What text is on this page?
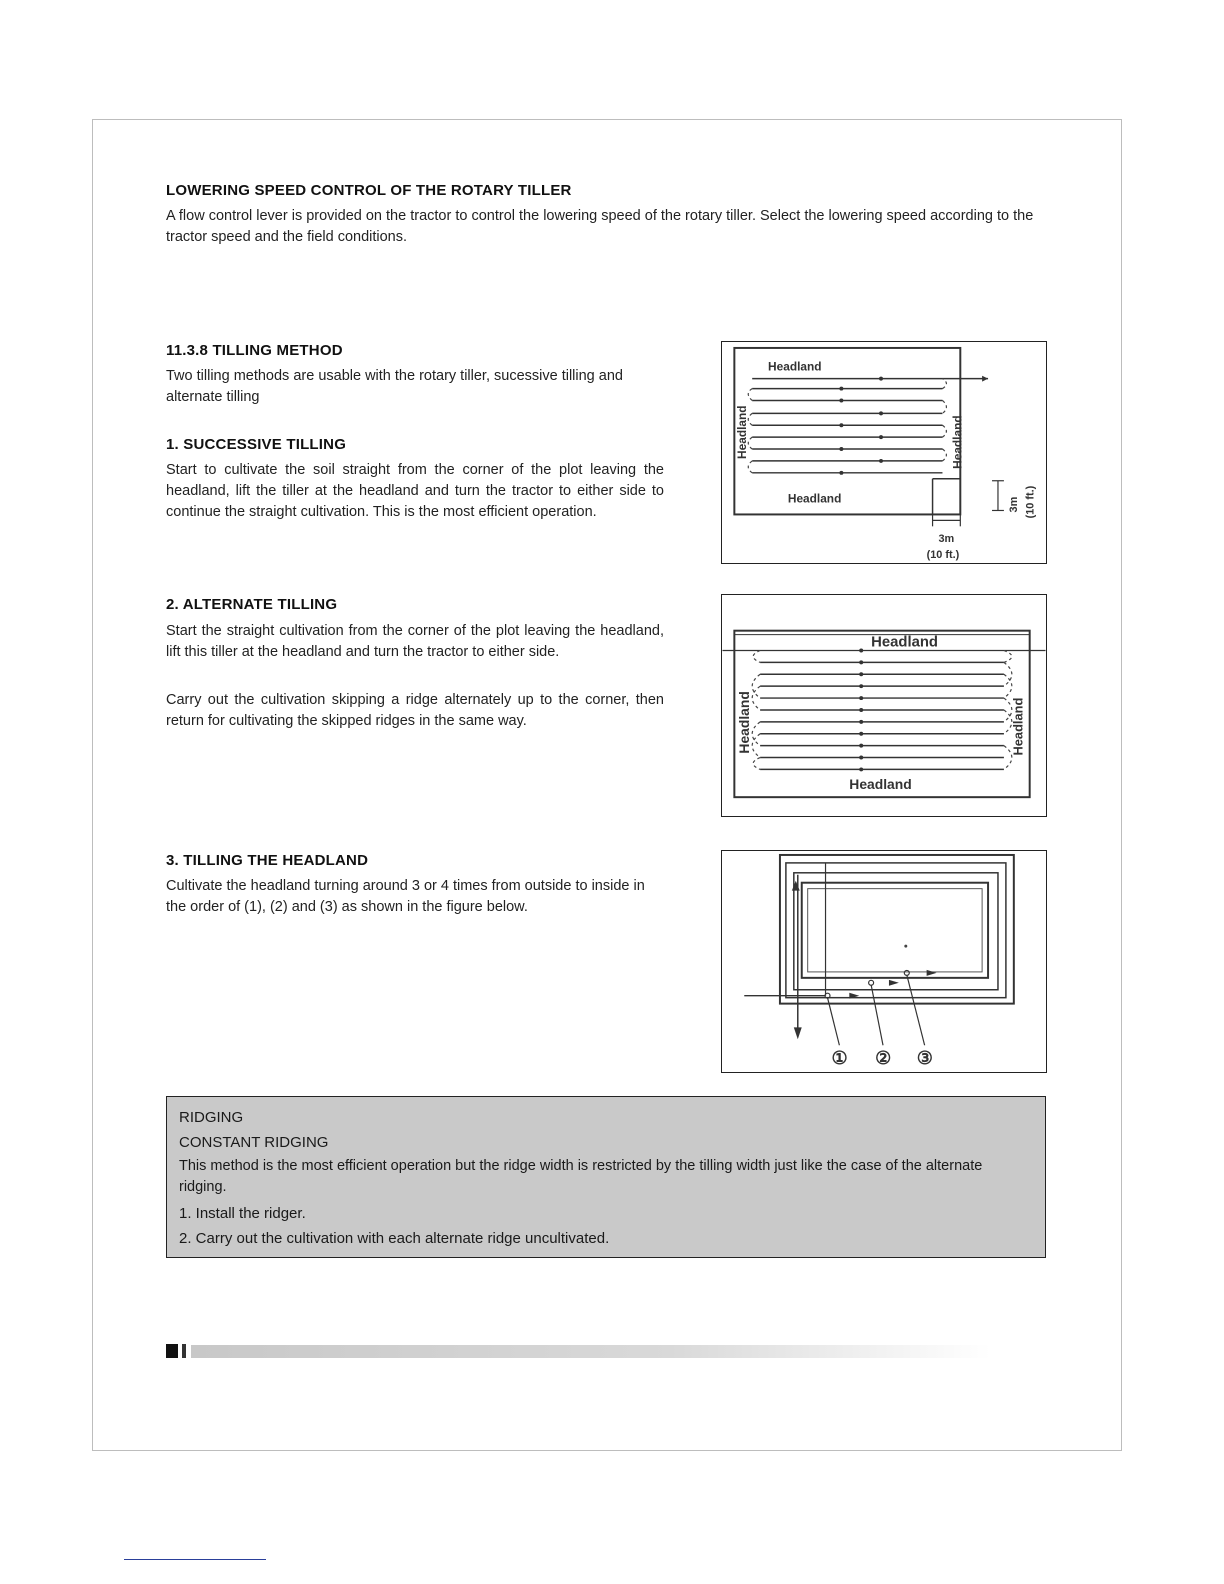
LOWERING SPEED CONTROL OF THE ROTARY TILLER

A flow control lever is provided on the tractor to control the lowering speed of the rotary tiller. Select the lowering speed according to the tractor speed and the field conditions.

11.3.8 TILLING METHOD

Two tilling methods are usable with the rotary tiller, sucessive tilling and alternate tilling

1. SUCCESSIVE TILLING

Start to cultivate the soil straight from the corner of the plot leaving the headland, lift the tiller at the headland and turn the tractor to either side to continue the straight cultivation. This is the most efficient operation.

2. ALTERNATE TILLING

Start the straight cultivation from the corner of the plot leaving the headland, lift this tiller at the headland and turn the tractor to either side.

Carry out the cultivation skipping a ridge alternately up to the corner, then return for cultivating the skipped ridges in the same way.

3. TILLING THE HEADLAND

Cultivate the headland turning around 3 or 4 times from outside to inside in the order of (1), (2) and (3) as shown in the figure below.

Headland
Headland
Headland	Headland
3m (10 ft.)
3m
(10 ft.)
Headland
Headland
Headland	Headland
① ② ③
RIDGING
CONSTANT RIDGING
This method is the most efficient operation but the ridge width is restricted by the tilling width just like the case of the alternate ridging.
1. Install the ridger.
2. Carry out the cultivation with each alternate ridge uncultivated.
